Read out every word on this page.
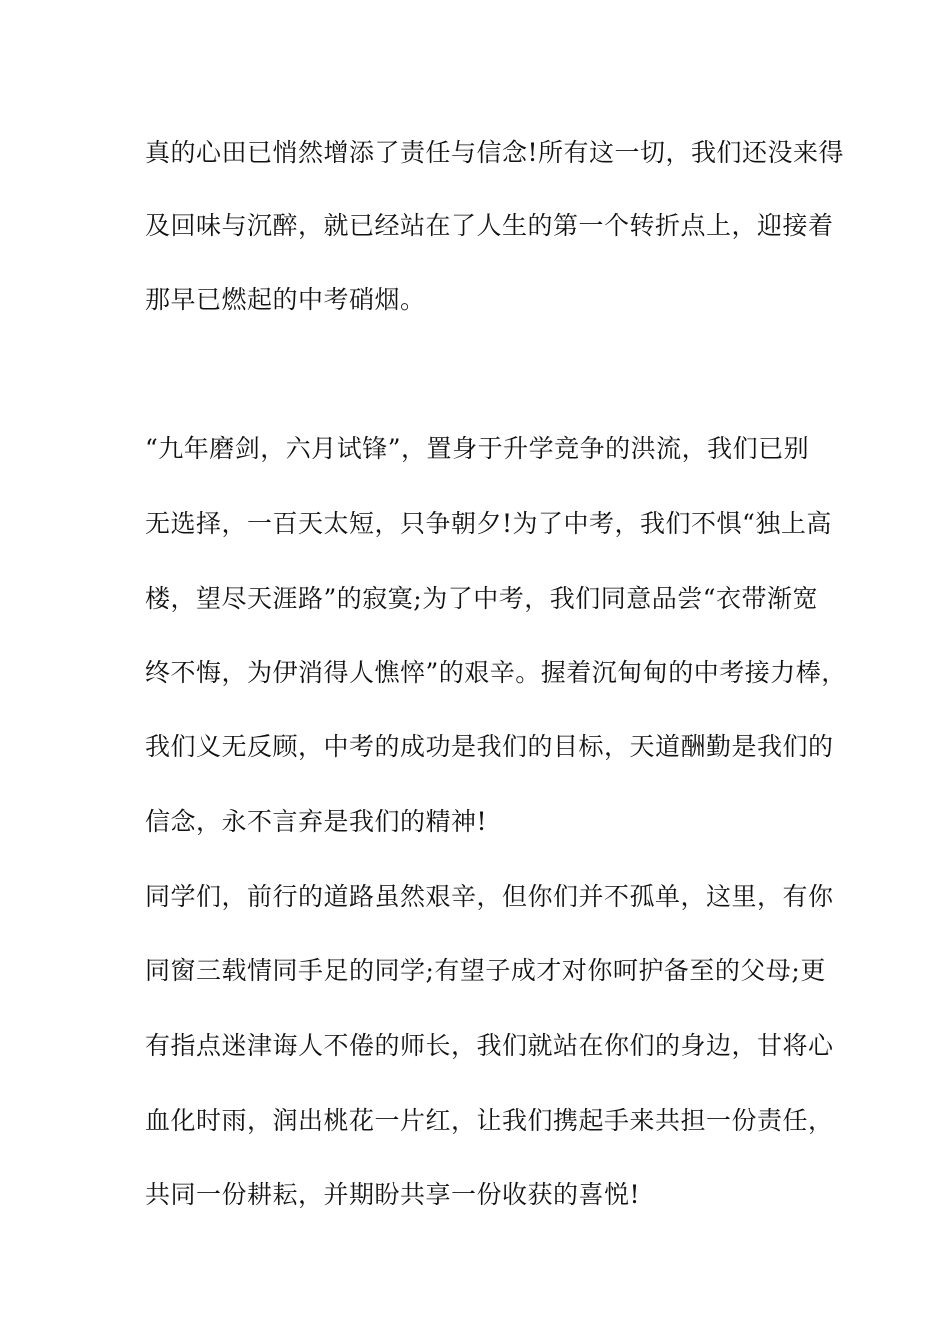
真的心田已悄然增添了责任与信念!所有这一切，我们还没来得
及回味与沉醉，就已经站在了人生的第一个转折点上，迎接着
那早已燃起的中考硝烟。
“九年磨剑，六月试锋”，置身于升学竞争的洪流，我们已别
无选择，一百天太短，只争朝夕!为了中考，我们不惧“独上高
楼，望尽天涯路”的寂寞;为了中考，我们同意品尝“衣带渐宽
终不悔，为伊消得人憔悴”的艰辛。握着沉甸甸的中考接力棒，
我们义无反顾，中考的成功是我们的目标，天道酬勤是我们的
信念，永不言弃是我们的精神!
同学们，前行的道路虽然艰辛，但你们并不孤单，这里，有你
同窗三载情同手足的同学;有望子成才对你呵护备至的父母;更
有指点迷津诲人不倦的师长，我们就站在你们的身边，甘将心
血化时雨，润出桃花一片红，让我们携起手来共担一份责任，
共同一份耕耘，并期盼共享一份收获的喜悦!
